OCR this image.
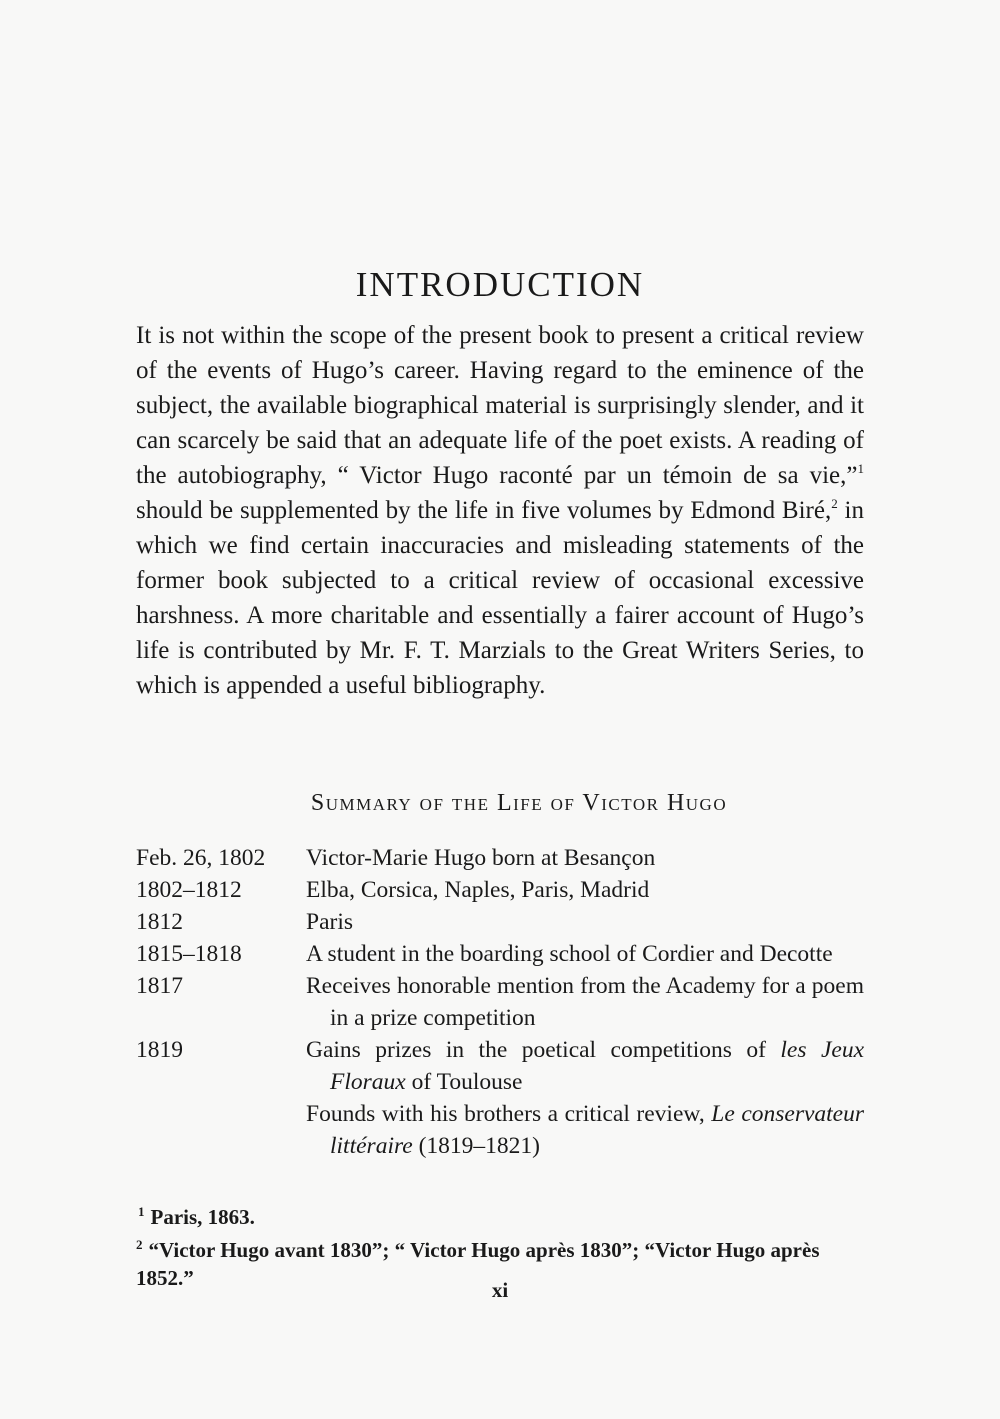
INTRODUCTION

It is not within the scope of the present book to present a critical review of the events of Hugo’s career. Having regard to the eminence of the subject, the available biographical material is surprisingly slender, and it can scarcely be said that an adequate life of the poet exists. A reading of the autobiography, “ Victor Hugo raconté par un témoin de sa vie,”$^1$ should be supplemented by the life in five volumes by Edmond Biré,$^2$ in which we find certain inaccuracies and misleading statements of the former book subjected to a critical review of occasional excessive harshness. A more charitable and essentially a fairer account of Hugo’s life is contributed by Mr. F. T. Marzials to the Great Writers Series, to which is appended a useful bibliography.

Summary of the Life of Victor Hugo
Feb. 26, 1802	Victor-Marie Hugo born at Besançon
1802–1812	Elba, Corsica, Naples, Paris, Madrid
1812	Paris
1815–1818	A student in the boarding school of Cordier and Decotte
1817	Receives honorable mention from the Academy for a poem in a prize competition
1819	Gains prizes in the poetical competitions of les Jeux Floraux of Toulouse
Founds with his brothers a critical review, Le conservateur littéraire (1819–1821)
$^1$ Paris, 1863.
$^2$ “Victor Hugo avant 1830”; “ Victor Hugo après 1830”; “Victor Hugo après 1852.”	xi
